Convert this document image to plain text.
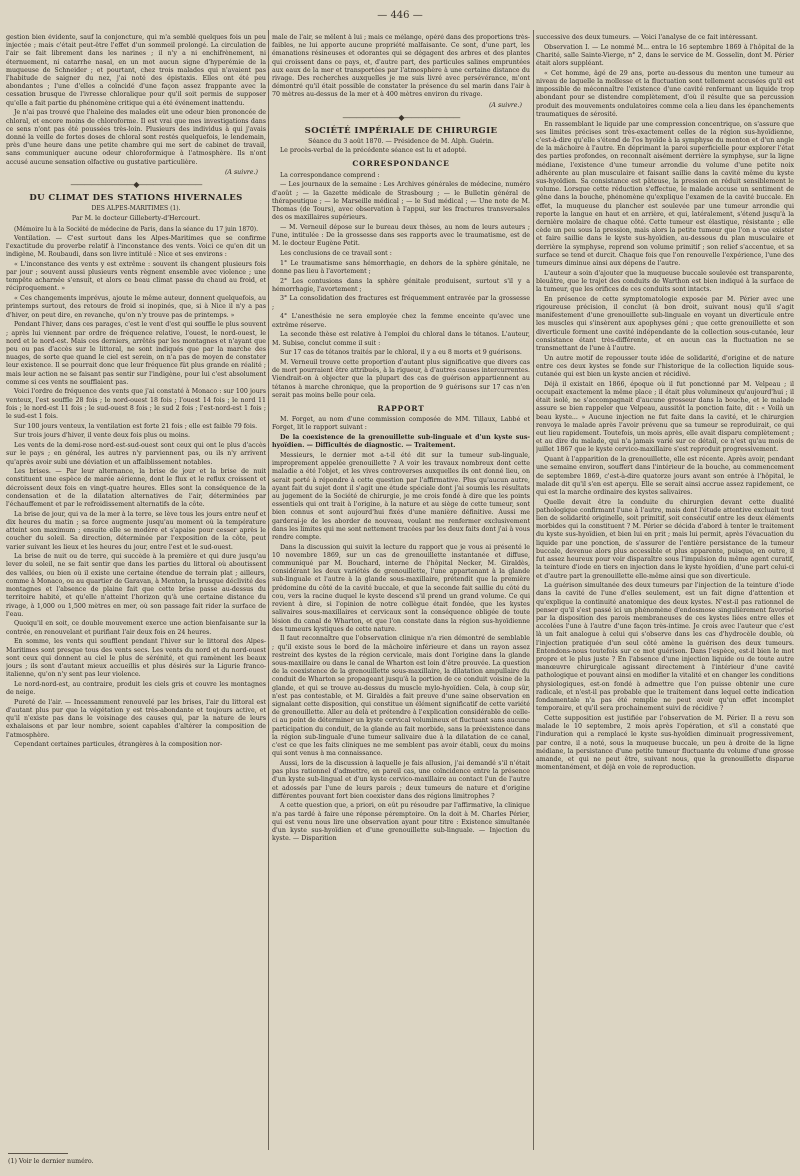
— 446 —

gestion bien évidente, sauf la conjoncture, qui m'a semblé quelques fois un peu injectée ; mais c'était peut-être l'effet d'un sommeil prolongé. La circulation de l'air se fait librement dans les narines ; il n'y a ni enchifrènement, ni éternuement, ni catarrhe nasal, en un mot aucun signe d'hyperémie de la muqueuse de Schneider ; et pourtant, chez trois malades qui n'avaient pas l'habitude de saigner du nez, j'ai noté des épistaxis. Elles ont été peu abondantes ; l'une d'elles a coïncidé d'une façon assez frappante avec la cessation brusque de l'ivresse chloralique pour qu'il soit permis de supposer qu'elle a fait partie du phénomène critique qui a été événement inattendu.

Je n'ai pas trouvé que l'haleine des malades eût une odeur bien prononcée de chloral, et encore moins de chloroforme. Il est vrai que mes investigations dans ce sens n'ont pas été poussées très-loin. Plusieurs des individus à qui j'avais donné la veille de fortes doses de chloral sont restés quelquefois, le lendemain, près d'une heure dans une petite chambre qui me sert de cabinet de travail, sans communiquer aucune odeur chloroformique à l'atmosphère. Ils n'ont accusé aucune sensation olfactive ou gustative particulière.

(A suivre.)
—————————◆—————————
DU CLIMAT DES STATIONS HIVERNALES
DES ALPES-MARITIMES (1).
Par M. le docteur Gilleberty-d'Hercourt.
(Mémoire lu à la Société de médecine de Paris, dans la séance du 17 juin 1870).

Ventilation. — C'est surtout dans les Alpes-Maritimes que se confirme l'exactitude du proverbe relatif à l'inconstance des vents. Voici ce qu'en dit un indigène, M. Roubaudi, dans son livre intitulé : Nice et ses environs :

« L'inconstance des vents y est extrême : souvent ils changent plusieurs fois par jour ; souvent aussi plusieurs vents règnent ensemble avec violence ; une tempête acharnée s'ensuit, et alors ce beau climat passe du chaud au froid, et réciproquement. »

« Ces changements imprévus, ajoute le même auteur, donnent quelquefois, au printemps surtout, des retours de froid si inopinés, que, si à Nice il n'y a pas d'hiver, on peut dire, en revanche, qu'on n'y trouve pas de printemps. »

Pendant l'hiver, dans ces parages, c'est le vent d'est qui souffle le plus souvent ; après lui viennent par ordre de fréquence relative, l'ouest, le nord-ouest, le nord et le nord-est. Mais ces derniers, arrêtés par les montagnes et n'ayant que peu ou pas d'accès sur le littoral, ne sont indiqués que par la marche des nuages, de sorte que quand le ciel est serein, on n'a pas de moyen de constater leur existence. Il se pourrait donc que leur fréquence fût plus grande en réalité ; mais leur action ne se faisant pas sentir sur l'indigène, pour lui c'est absolument comme si ces vents ne soufflaient pas.

Voici l'ordre de fréquence des vents que j'ai constaté à Monaco : sur 100 jours venteux, l'est souffle 28 fois ; le nord-ouest 18 fois ; l'ouest 14 fois ; le nord 11 fois ; le nord-est 11 fois ; le sud-ouest 8 fois ; le sud 2 fois ; l'est-nord-est 1 fois ; le sud-est 1 fois.

Sur 100 jours venteux, la ventilation est forte 21 fois ; elle est faible 79 fois.

Sur trois jours d'hiver, il vente deux fois plus ou moins.

Les vents de la demi-rose nord-est-sud-ouest sont ceux qui ont le plus d'accès sur le pays ; en général, les autres n'y parviennent pas, ou ils n'y arrivent qu'après avoir subi une déviation et un affaiblissement notables.

Les brises. — Par leur alternance, la brise de jour et la brise de nuit constituent une espèce de marée aérienne, dont le flux et le reflux croissent et décroissent deux fois en vingt-quatre heures. Elles sont la conséquence de la condensation et de la dilatation alternatives de l'air, déterminées par l'échauffement et par le refroidissement alternatifs de la côte.

La brise de jour, qui va de la mer à la terre, se lève tous les jours entre neuf et dix heures du matin ; sa force augmente jusqu'au moment où la température atteint son maximum ; ensuite elle se modère et s'apaise pour cesser après le coucher du soleil. Sa direction, déterminée par l'exposition de la côte, peut varier suivant les lieux et les heures du jour, entre l'est et le sud-ouest.

La brise de nuit ou de terre, qui succède à la première et qui dure jusqu'au lever du soleil, ne se fait sentir que dans les parties du littoral où aboutissent des vallées, ou bien où il existe une certaine étendue de terrain plat ; ailleurs, comme à Monaco, ou au quartier de Garavan, à Menton, la brusque déclivité des montagnes et l'absence de plaine fait que cette brise passe au-dessus du territoire habité, et qu'elle n'atteint l'horizon qu'à une certaine distance du rivage, à 1,000 ou 1,500 mètres en mer, où son passage fait rider la surface de l'eau.

Quoiqu'il en soit, ce double mouvement exerce une action bienfaisante sur la contrée, en renouvelant et purifiant l'air deux fois en 24 heures.

En somme, les vents qui soufflent pendant l'hiver sur le littoral des Alpes-Maritimes sont presque tous des vents secs. Les vents du nord et du nord-ouest sont ceux qui donnent au ciel le plus de sérénité, et qui ramènent les beaux jours ; ils sont d'autant mieux accueillis et plus désirés sur la Ligurie franco-italienne, qu'on n'y sent pas leur violence.

Le nord-nord-est, au contraire, produit les ciels gris et couvre les montagnes de neige.

Pureté de l'air. — Incessamment renouvelé par les brises, l'air du littoral est d'autant plus pur que la végétation y est très-abondante et toujours active, et qu'il n'existe pas dans le voisinage des causes qui, par la nature de leurs exhalaisons et par leur nombre, soient capables d'altérer la composition de l'atmosphère.

Cependant certaines particules, étrangères à la composition nor-

(1) Voir le dernier numéro.

male de l'air, se mêlent à lui ; mais ce mélange, opéré dans des proportions très-faibles, ne lui apporte aucune propriété malfaisante. Ce sont, d'une part, les émanations résineuses et odorantes qui se dégagent des arbres et des plantes qui croissent dans ce pays, et, d'autre part, des particules salines empruntées aux eaux de la mer et transportées par l'atmosphère à une certaine distance du rivage. Des recherches auxquelles je me suis livré avec persévérance, m'ont démontré qu'il était possible de constater la présence du sel marin dans l'air à 70 mètres au-dessus de la mer et à 400 mètres environ du rivage.

(A suivre.)
————————◆————————
SOCIÉTÉ IMPÉRIALE DE CHIRURGIE
Séance du 3 août 1870. — Présidence de M. Alph. Guérin.

Le procès-verbal de la précédente séance est lu et adopté.

CORRESPONDANCE

La correspondance comprend :

— Les journaux de la semaine : Les Archives générales de médecine, numéro d'août ; — la Gazette médicale de Strasbourg ; — le Bulletin général de thérapeutique ; — le Marseille médical ; — le Sud médical ; — Une note de M. Thomas (de Tours), avec observation à l'appui, sur les fractures transversales des os maxillaires supérieurs.

— M. Verneuil dépose sur le bureau deux thèses, au nom de leurs auteurs ; l'une, intitulée : De la grossesse dans ses rapports avec le traumatisme, est de M. le docteur Eugène Petit.

Les conclusions de ce travail sont :

1° Le traumatisme sans hémorrhagie, en dehors de la sphère génitale, ne donne pas lieu à l'avortement ;

2° Les contusions dans la sphère génitale produisent, surtout s'il y a hémorrhagie, l'avortement ;

3° La consolidation des fractures est fréquemment entravée par la grossesse ;

4° L'anesthésie ne sera employée chez la femme enceinte qu'avec une extrême réserve.

La seconde thèse est relative à l'emploi du chloral dans le tétanos. L'auteur, M. Subise, conclut comme il suit :

Sur 17 cas de tétanos traités par le chloral, il y a eu 8 morts et 9 guérisons.

M. Verneuil trouve cette proportion d'autant plus significative que divers cas de mort pourraient être attribués, à la rigueur, à d'autres causes intercurrentes. Viendrait-on à objecter que la plupart des cas de guérison appartiennent au tétanos à marche chronique, que la proportion de 9 guérisons sur 17 cas n'en serait pas moins belle pour cela.

RAPPORT

M. Forget, au nom d'une commission composée de MM. Tillaux, Labbé et Forget, lit le rapport suivant :

De la coexistence de la grenouillette sub-linguale et d'un kyste sus-hyoïdien. — Difficultés de diagnostic. — Traitement.

Messieurs, le dernier mot a-t-il été dit sur la tumeur sub-linguale, improprement appelée grenouillette ? A voir les travaux nombreux dont cette maladie a été l'objet, et les vives controverses auxquelles ils ont donné lieu, on serait porté à répondre à cette question par l'affirmative. Plus qu'aucun autre, ayant fait du sujet dont il s'agit une étude spéciale dont j'ai soumis les résultats au jugement de la Société de chirurgie, je me crois fondé à dire que les points essentiels qui ont trait à l'origine, à la nature et au siège de cette tumeur, sont bien connus et sont aujourd'hui fixés d'une manière définitive. Aussi me garderai-je de les aborder de nouveau, voulant me renfermer exclusivement dans les limites qui me sont nettement tracées par les deux faits dont j'ai à vous rendre compte.

Dans la discussion qui suivit la lecture du rapport que je vous ai présenté le 10 novembre 1869, sur un cas de grenouillette instantanée et diffuse, communiqué par M. Bouchard, interne de l'hôpital Necker, M. Giraldès, considérant les deux variétés de grenouillette, l'une appartenant à la glande sub-linguale et l'autre à la glande sous-maxillaire, prétendit que la première prédomine du côté de la cavité buccale, et que la seconde fait saillie du côté du cou, vers la racine duquel le kyste descend s'il prend un grand volume. Ce qui revient à dire, si l'opinion de notre collègue était fondée, que les kystes salivaires sous-maxillaires et cervicaux sont la conséquence obligée de toute lésion du canal de Wharton, et que l'on constate dans la région sus-hyoïdienne des tumeurs kystiques de cette nature.

Il faut reconnaître que l'observation clinique n'a rien démontré de semblable ; qu'il existe sous le bord de la mâchoire inférieure et dans un rayon assez restreint des kystes de la région cervicale, mais dont l'origine dans la glande sous-maxillaire ou dans le canal de Wharton est loin d'être prouvée. La question de la coexistence de la grenouillette sous-maxillaire, la dilatation ampullaire du conduit de Wharton se propageant jusqu'à la portion de ce conduit voisine de la glande, et qui se trouve au-dessus du muscle mylo-hyoïdien. Cela, à coup sûr, n'est pas contestable, et M. Giraldès a fait preuve d'une saine observation en signalant cette disposition, qui constitue un élément significatif de cette variété de grenouillette. Aller au delà et prétendre à l'explication considérable de celle-ci au point de déterminer un kyste cervical volumineux et fluctuant sans aucune participation du conduit, de la glande au fait morbide, sans la préexistence dans la région sub-linguale d'une tumeur salivaire due à la dilatation de ce canal, c'est ce que les faits cliniques ne me semblent pas avoir établi, ceux du moins qui sont venus à ma connaissance.

Aussi, lors de la discussion à laquelle je fais allusion, j'ai demandé s'il n'était pas plus rationnel d'admettre, en pareil cas, une coïncidence entre la présence d'un kyste sub-lingual et d'un kyste cervico-maxillaire au contact l'un de l'autre et adossés par l'une de leurs parois ; deux tumeurs de nature et d'origine différentes pouvant fort bien coexister dans des régions limitrophes ?

A cette question que, a priori, on eût pu résoudre par l'affirmative, la clinique n'a pas tardé à faire une réponse péremptoire. On la doit à M. Charles Périer, qui est venu nous lire une observation ayant pour titre : Existence simultanée d'un kyste sus-hyoïdien et d'une grenouillette sub-linguale. — Injection du kyste. — Disparition

successive des deux tumeurs. — Voici l'analyse de ce fait intéressant.

Observation I. — Le nommé M... entra le 16 septembre 1869 à l'hôpital de la Charité, salle Sainte-Vierge, n° 2, dans le service de M. Gosselin, dont M. Périer était alors suppléant.

« Cet homme, âgé de 29 ans, porte au-dessous du menton une tumeur au niveau de laquelle la mollesse et la fluctuation sont tellement accusées qu'il est impossible de méconnaître l'existence d'une cavité renfermant un liquide trop abondant pour se distendre complètement, d'où il résulte que sa percussion produit des mouvements ondulatoires comme cela a lieu dans les épanchements traumatiques de sérosité.

En rassemblant le liquide par une compression concentrique, on s'assure que ses limites précises sont très-exactement celles de la région sus-hyoïdienne, c'est-à-dire qu'elle s'étend de l'os hyoïde à la symphyse du menton et d'un angle de la mâchoire à l'autre. En déprimant la paroi superficielle pour explorer l'état des parties profondes, on reconnaît aisément derrière la symphyse, sur la ligne médiane, l'existence d'une tumeur arrondie du volume d'une petite noix adhérente au plan musculaire et faisant saillie dans la cavité même du kyste sus-hyoïdien. Sa consistance est pâteuse, la pression en réduit sensiblement le volume. Lorsque cette réduction s'effectue, le malade accuse un sentiment de gêne dans la bouche, phénomène qu'explique l'examen de la cavité buccale. En effet, la muqueuse du plancher est soulevée par une tumeur arrondie qui reporte la langue en haut et en arrière, et qui, latéralement, s'étend jusqu'à la dernière molaire de chaque côté. Cette tumeur est élastique, résistante ; elle cède un peu sous la pression, mais alors la petite tumeur que l'on a vue exister et faire saillie dans le kyste sus-hyoïdien, au-dessous du plan musculaire et derrière la symphyse, reprend son volume primitif ; son relief s'accentue, et sa surface se tend et durcit. Chaque fois que l'on renouvelle l'expérience, l'une des tumeurs diminue ainsi aux dépens de l'autre.

L'auteur a soin d'ajouter que la muqueuse buccale soulevée est transparente, bleuâtre, que le trajet des conduits de Warthon est bien indiqué à la surface de la tumeur, que les orifices de ces conduits sont intacts.

En présence de cette symptomatologie exposée par M. Périer avec une rigoureuse précision, il conclut (à bon droit, suivant nous) qu'il s'agit manifestement d'une grenouillette sub-linguale en voyant un diverticule entre les muscles qui s'insèrent aux apophyses géni ; que cette grenouillette et son diverticule forment une cavité indépendante de la collection sous-cutanée, leur consistance étant très-différente, et en aucun cas la fluctuation ne se transmettant de l'une à l'autre.

Un autre motif de repousser toute idée de solidarité, d'origine et de nature entre ces deux kystes se fonde sur l'historique de la collection liquide sous-cutanée qui est bien un kyste ancien et récidivé.

Déjà il existait en 1866, époque où il fut ponctionné par M. Velpeau ; il occupait exactement la même place ; il était plus volumineux qu'aujourd'hui ; il était isolé, ne s'accompagnait d'aucune grosseur dans la bouche, et le malade assure se bien rappeler que Velpeau, aussitôt la ponction faite, dit : « Voilà un beau kyste... » Aucune injection ne fut faite dans la cavité, et le chirurgien renvoya le malade après l'avoir prévenu que sa tumeur se reproduirait, ce qui eut lieu rapidement. Toutefois, un mois après, elle avait disparu complètement ; et au dire du malade, qui n'a jamais varié sur ce détail, ce n'est qu'au mois de juillet 1867 que le kyste cervico-maxillaire s'est reproduit progressivement.

Quant à l'apparition de la grenouillette, elle est récente. Après avoir, pendant une semaine environ, souffert dans l'intérieur de la bouche, au commencement de septembre 1869, c'est-à-dire quatorze jours avant son entrée à l'hôpital, le malade dit qu'il s'en est aperçu. Elle se serait ainsi accrue assez rapidement, ce qui est la marche ordinaire des kystes salivaires.

Quelle devait être la conduite du chirurgien devant cette dualité pathologique confirmant l'une à l'autre, mais dont l'étude attentive excluait tout lien de solidarité originelle, soit primitif, soit consécutif entre les deux éléments morbides qui la constituent ? M. Périer se décida d'abord à tenter le traitement du kyste sus-hyoïdien, et bien lui en prit ; mais lui permit, après l'évacuation du liquide par une ponction, de s'assurer de l'entière persistance de la tumeur buccale, devenue alors plus accessible et plus apparente, puisque, en outre, il fut assez heureux pour voir disparaître sous l'impulsion du même agent curatif, la teinture d'iode en tiers en injection dans le kyste hyoïdien, d'une part celui-ci et d'autre part la grenouillette elle-même ainsi que son diverticule.

La guérison simultanée des deux tumeurs par l'injection de la teinture d'iode dans la cavité de l'une d'elles seulement, est un fait digne d'attention et qu'explique la continuité anatomique des deux kystes. N'est-il pas rationnel de penser qu'il s'est passé ici un phénomène d'endosmose singulièrement favorisé par la disposition des parois membraneuses de ces kystes liées entre elles et accolées l'une à l'autre d'une façon très-intime. Je crois avec l'auteur que c'est là un fait analogue à celui qui s'observe dans les cas d'hydrocèle double, où l'injection pratiquée d'un seul côté amène la guérison des deux tumeurs. Entendons-nous toutefois sur ce mot guérison. Dans l'espèce, est-il bien le mot propre et le plus juste ? En l'absence d'une injection liquide ou de toute autre manœuvre chirurgicale agissant directement à l'intérieur d'une cavité pathologique et pouvant ainsi en modifier la vitalité et en changer les conditions physiologiques, est-on fondé à admettre que l'on puisse obtenir une cure radicale, et n'est-il pas probable que le traitement dans lequel cette indication fondamentale n'a pas été remplie ne peut avoir qu'un effet incomplet temporaire, et qu'il sera prochainement suivi de récidive ?

Cette supposition est justifiée par l'observation de M. Périer. Il a revu son malade le 10 septembre, 2 mois après l'opération, et s'il a constaté que l'induration qui a remplacé le kyste sus-hyoïdien diminuait progressivement, par contre, il a noté, sous la muqueuse buccale, un peu à droite de la ligne médiane, la persistance d'une petite tumeur fluctuante du volume d'une grosse amande, et qui ne peut être, suivant nous, que la grenouillette disparue momentanément, et déjà en voie de reproduction.
